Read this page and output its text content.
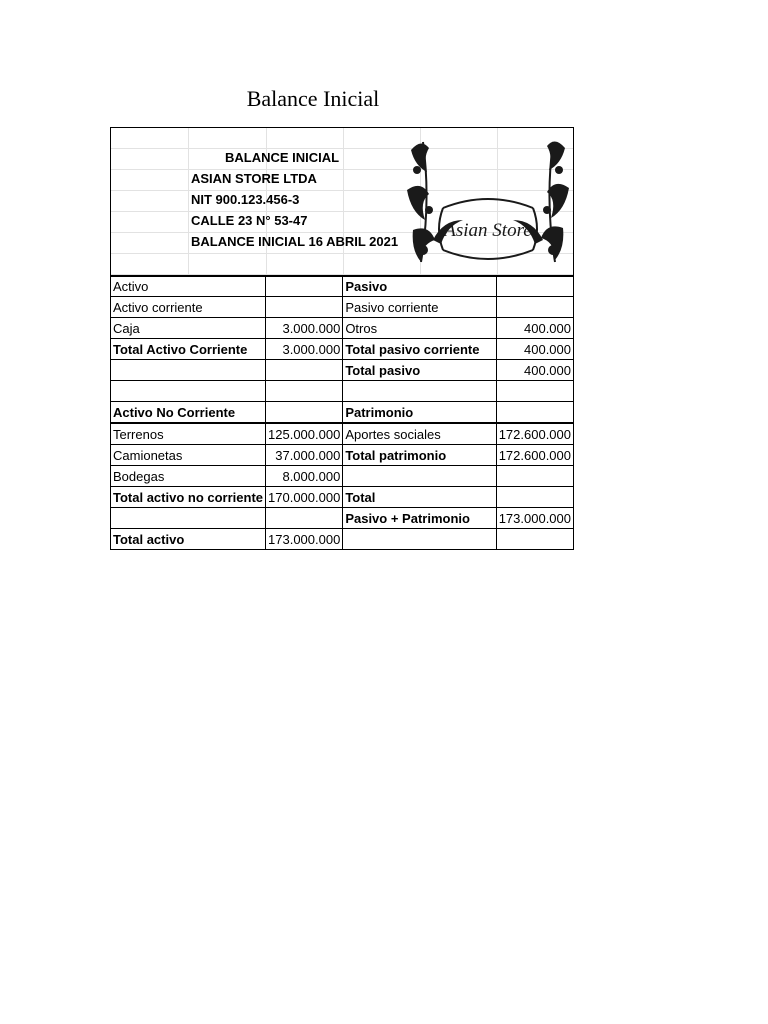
Balance Inicial
BALANCE INICIAL
ASIAN STORE LTDA
NIT 900.123.456-3
CALLE 23 N° 53-47
BALANCE INICIAL 16 ABRIL 2021
Asian Store
Activo		Pasivo	
Activo corriente		Pasivo corriente	
Caja	3.000.000	Otros	400.000
Total Activo Corriente	3.000.000	Total pasivo corriente	400.000
		Total pasivo	400.000

Activo No Corriente		Patrimonio	
Terrenos	125.000.000	Aportes sociales	172.600.000
Camionetas	37.000.000	Total patrimonio	172.600.000
Bodegas	8.000.000		
Total activo no corriente	170.000.000	Total	
		Pasivo + Patrimonio	173.000.000
Total activo	173.000.000		
